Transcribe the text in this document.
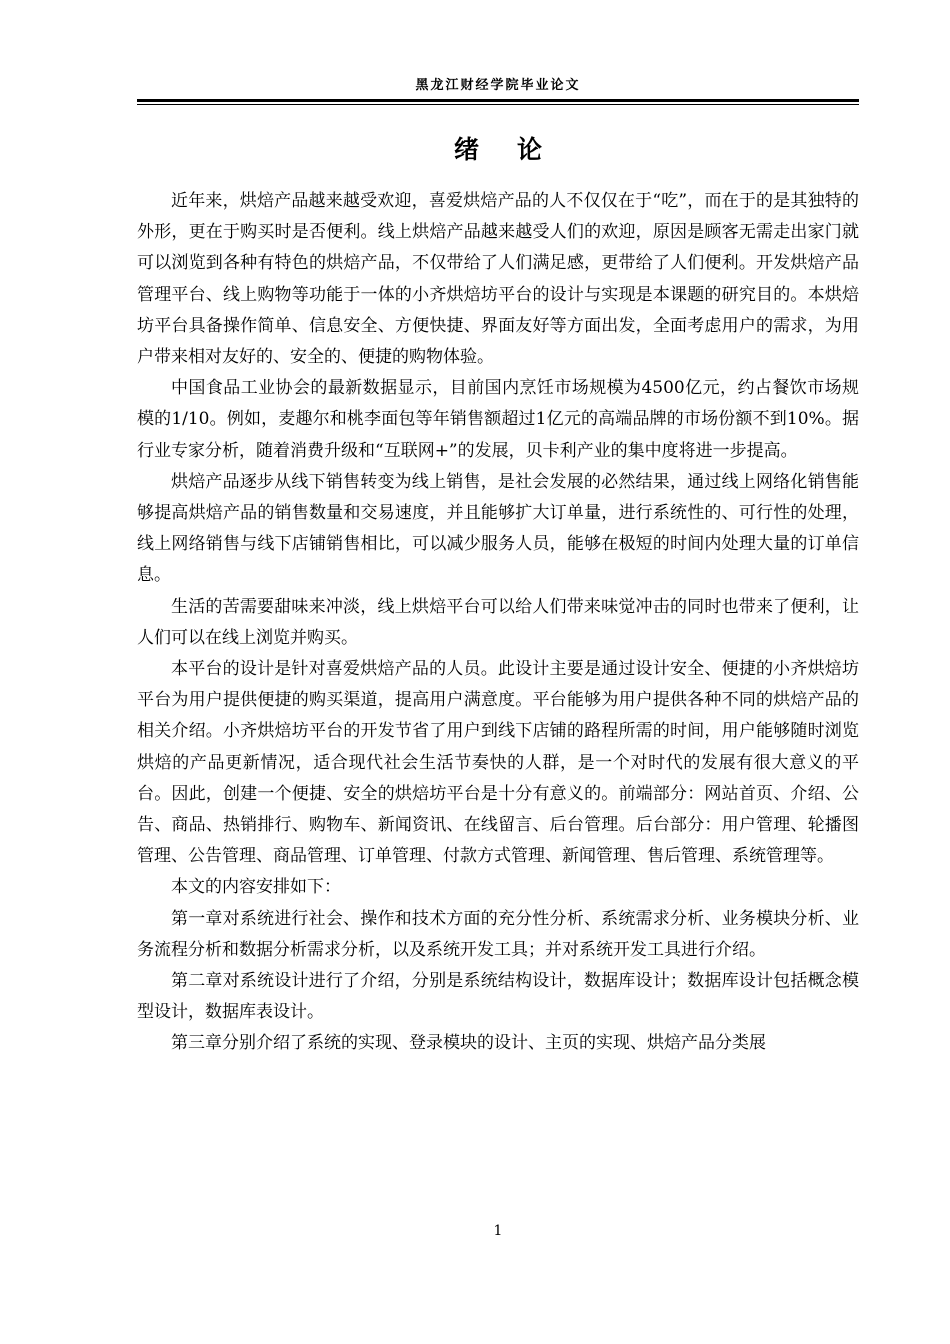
黑龙江财经学院毕业论文
绪论

近年来，烘焙产品越来越受欢迎，喜爱烘焙产品的人不仅仅在于“吃”，而在于的是其独特的外形，更在于购买时是否便利。线上烘焙产品越来越受人们的欢迎，原因是顾客无需走出家门就可以浏览到各种有特色的烘焙产品，不仅带给了人们满足感，更带给了人们便利。开发烘焙产品管理平台、线上购物等功能于一体的小齐烘焙坊平台的设计与实现是本课题的研究目的。本烘焙坊平台具备操作简单、信息安全、方便快捷、界面友好等方面出发，全面考虑用户的需求，为用户带来相对友好的、安全的、便捷的购物体验。

中国食品工业协会的最新数据显示，目前国内烹饪市场规模为4500亿元，约占餐饮市场规模的1/10。例如，麦趣尔和桃李面包等年销售额超过1亿元的高端品牌的市场份额不到10%。据行业专家分析，随着消费升级和“互联网+”的发展，贝卡利产业的集中度将进一步提高。

烘焙产品逐步从线下销售转变为线上销售，是社会发展的必然结果，通过线上网络化销售能够提高烘焙产品的销售数量和交易速度，并且能够扩大订单量，进行系统性的、可行性的处理，线上网络销售与线下店铺销售相比，可以减少服务人员，能够在极短的时间内处理大量的订单信息。

生活的苦需要甜味来冲淡，线上烘焙平台可以给人们带来味觉冲击的同时也带来了便利，让人们可以在线上浏览并购买。

本平台的设计是针对喜爱烘焙产品的人员。此设计主要是通过设计安全、便捷的小齐烘焙坊平台为用户提供便捷的购买渠道，提高用户满意度。平台能够为用户提供各种不同的烘焙产品的相关介绍。小齐烘焙坊平台的开发节省了用户到线下店铺的路程所需的时间，用户能够随时浏览烘焙的产品更新情况，适合现代社会生活节奏快的人群，是一个对时代的发展有很大意义的平台。因此，创建一个便捷、安全的烘焙坊平台是十分有意义的。前端部分：网站首页、介绍、公告、商品、热销排行、购物车、新闻资讯、在线留言、后台管理。后台部分：用户管理、轮播图管理、公告管理、商品管理、订单管理、付款方式管理、新闻管理、售后管理、系统管理等。

本文的内容安排如下：

第一章对系统进行社会、操作和技术方面的充分性分析、系统需求分析、业务模块分析、业务流程分析和数据分析需求分析，以及系统开发工具；并对系统开发工具进行介绍。

第二章对系统设计进行了介绍，分别是系统结构设计，数据库设计；数据库设计包括概念模型设计，数据库表设计。

第三章分别介绍了系统的实现、登录模块的设计、主页的实现、烘焙产品分类展

1
